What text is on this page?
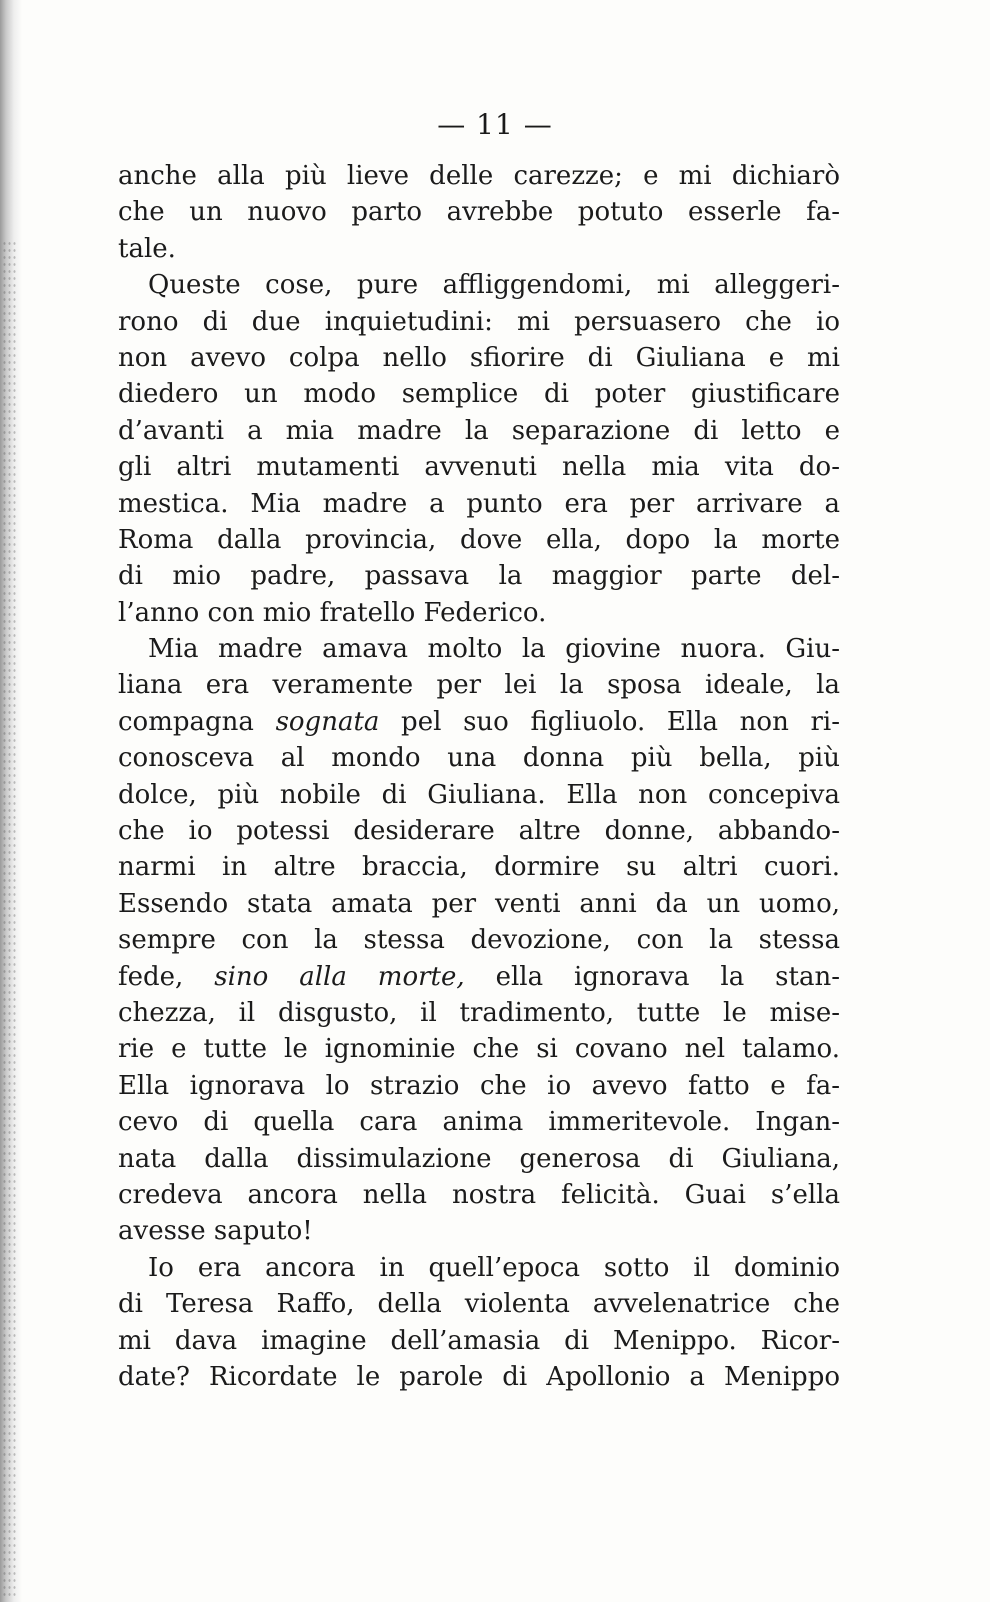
— 11 —
anche alla più lieve delle carezze; e mi dichiarò
che un nuovo parto avrebbe potuto esserle fa-
tale.
Queste cose, pure affliggendomi, mi alleggeri-
rono di due inquietudini: mi persuasero che io
non avevo colpa nello sfiorire di Giuliana e mi
diedero un modo semplice di poter giustificare
d’avanti a mia madre la separazione di letto e
gli altri mutamenti avvenuti nella mia vita do-
mestica. Mia madre a punto era per arrivare a
Roma dalla provincia, dove ella, dopo la morte
di mio padre, passava la maggior parte del-
l’anno con mio fratello Federico.
Mia madre amava molto la giovine nuora. Giu-
liana era veramente per lei la sposa ideale, la
compagna sognata pel suo figliuolo. Ella non ri-
conosceva al mondo una donna più bella, più
dolce, più nobile di Giuliana. Ella non concepiva
che io potessi desiderare altre donne, abbando-
narmi in altre braccia, dormire su altri cuori.
Essendo stata amata per venti anni da un uomo,
sempre con la stessa devozione, con la stessa
fede, sino alla morte, ella ignorava la stan-
chezza, il disgusto, il tradimento, tutte le mise-
rie e tutte le ignominie che si covano nel talamo.
Ella ignorava lo strazio che io avevo fatto e fa-
cevo di quella cara anima immeritevole. Ingan-
nata dalla dissimulazione generosa di Giuliana,
credeva ancora nella nostra felicità. Guai s’ella
avesse saputo!
Io era ancora in quell’epoca sotto il dominio
di Teresa Raffo, della violenta avvelenatrice che
mi dava imagine dell’amasia di Menippo. Ricor-
date? Ricordate le parole di Apollonio a Menippo
